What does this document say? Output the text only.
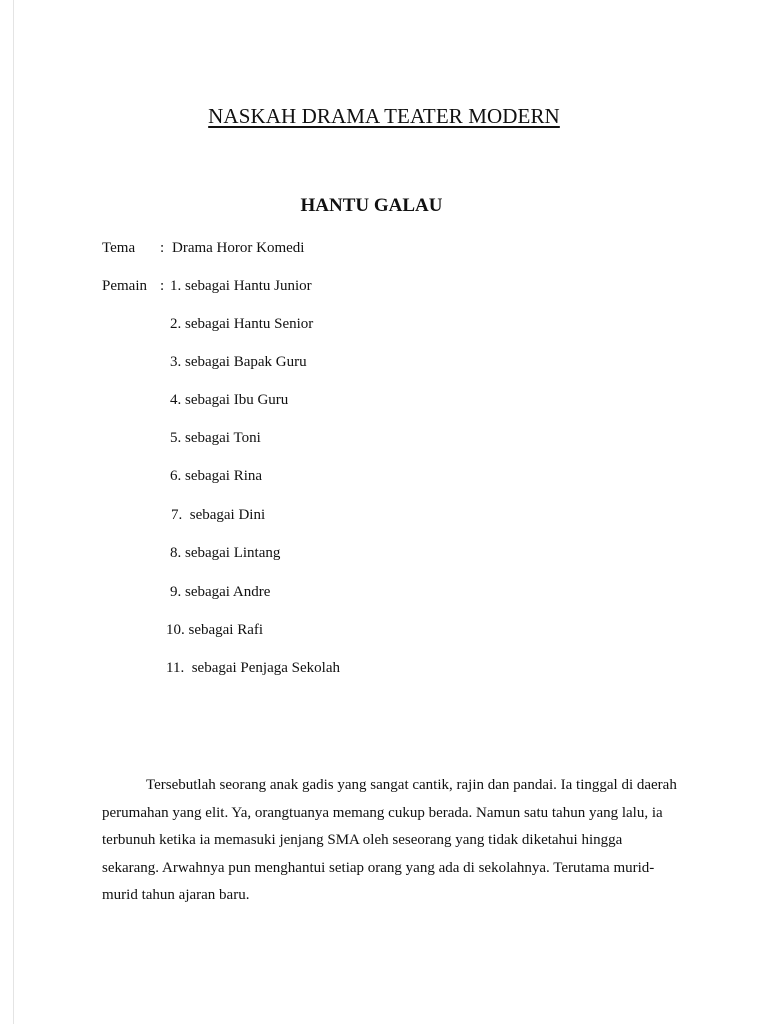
NASKAH DRAMA TEATER MODERN
HANTU GALAU
Tema : Drama Horor Komedi
Pemain : 1. sebagai Hantu Junior
2. sebagai Hantu Senior
3. sebagai Bapak Guru
4. sebagai Ibu Guru
5. sebagai Toni
6. sebagai Rina
7.  sebagai Dini
8. sebagai Lintang
9. sebagai Andre
10. sebagai Rafi
11.  sebagai Penjaga Sekolah
Tersebutlah seorang anak gadis yang sangat cantik, rajin dan pandai. Ia tinggal di daerah perumahan yang elit. Ya, orangtuanya memang cukup berada. Namun satu tahun yang lalu, ia terbunuh ketika ia memasuki jenjang SMA oleh seseorang yang tidak diketahui hingga sekarang. Arwahnya pun menghantui setiap orang yang ada di sekolahnya. Terutama murid-murid tahun ajaran baru.
